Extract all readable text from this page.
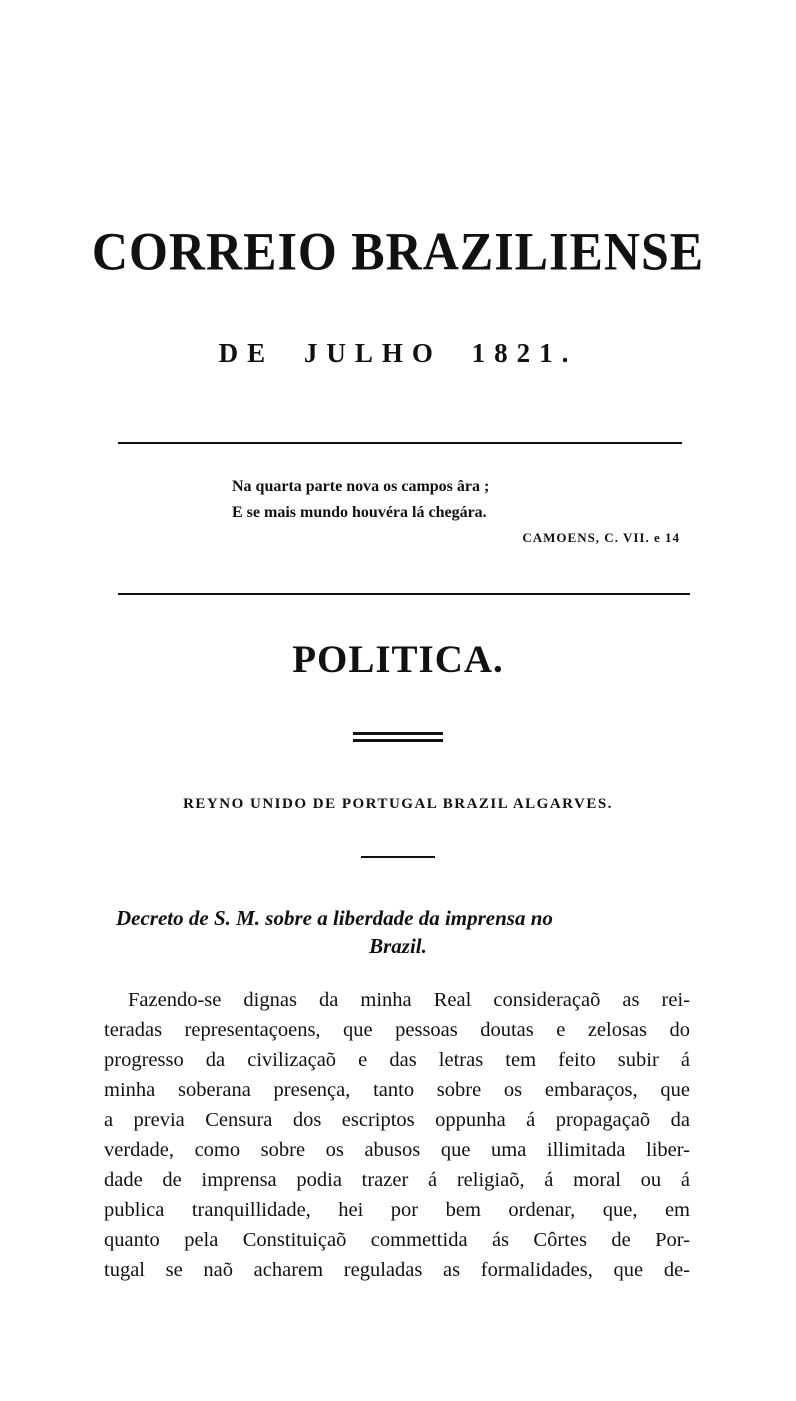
CORREIO BRAZILIENSE
DE JULHO 1821.
Na quarta parte nova os campos âra ;
E se mais mundo houvéra lá chegára.
CAMOENS, C. VII. e 14
POLITICA.
REYNO UNIDO DE PORTUGAL BRAZIL ALGARVES.
Decreto de S. M. sobre a liberdade da imprensa no
Brazil.
Fazendo-se dignas da minha Real consideraçaõ as rei-
teradas representaçoens, que pessoas doutas e zelosas do
progresso da civilizaçaõ e das letras tem feito subir á
minha soberana presença, tanto sobre os embaraços, que
a previa Censura dos escriptos oppunha á propagaçaõ da
verdade, como sobre os abusos que uma illimitada liber-
dade de imprensa podia trazer á religiaõ, á moral ou á
publica tranquillidade, hei por bem ordenar, que, em
quanto pela Constituiçaõ commettida ás Côrtes de Por-
tugal se naõ acharem reguladas as formalidades, que de-
